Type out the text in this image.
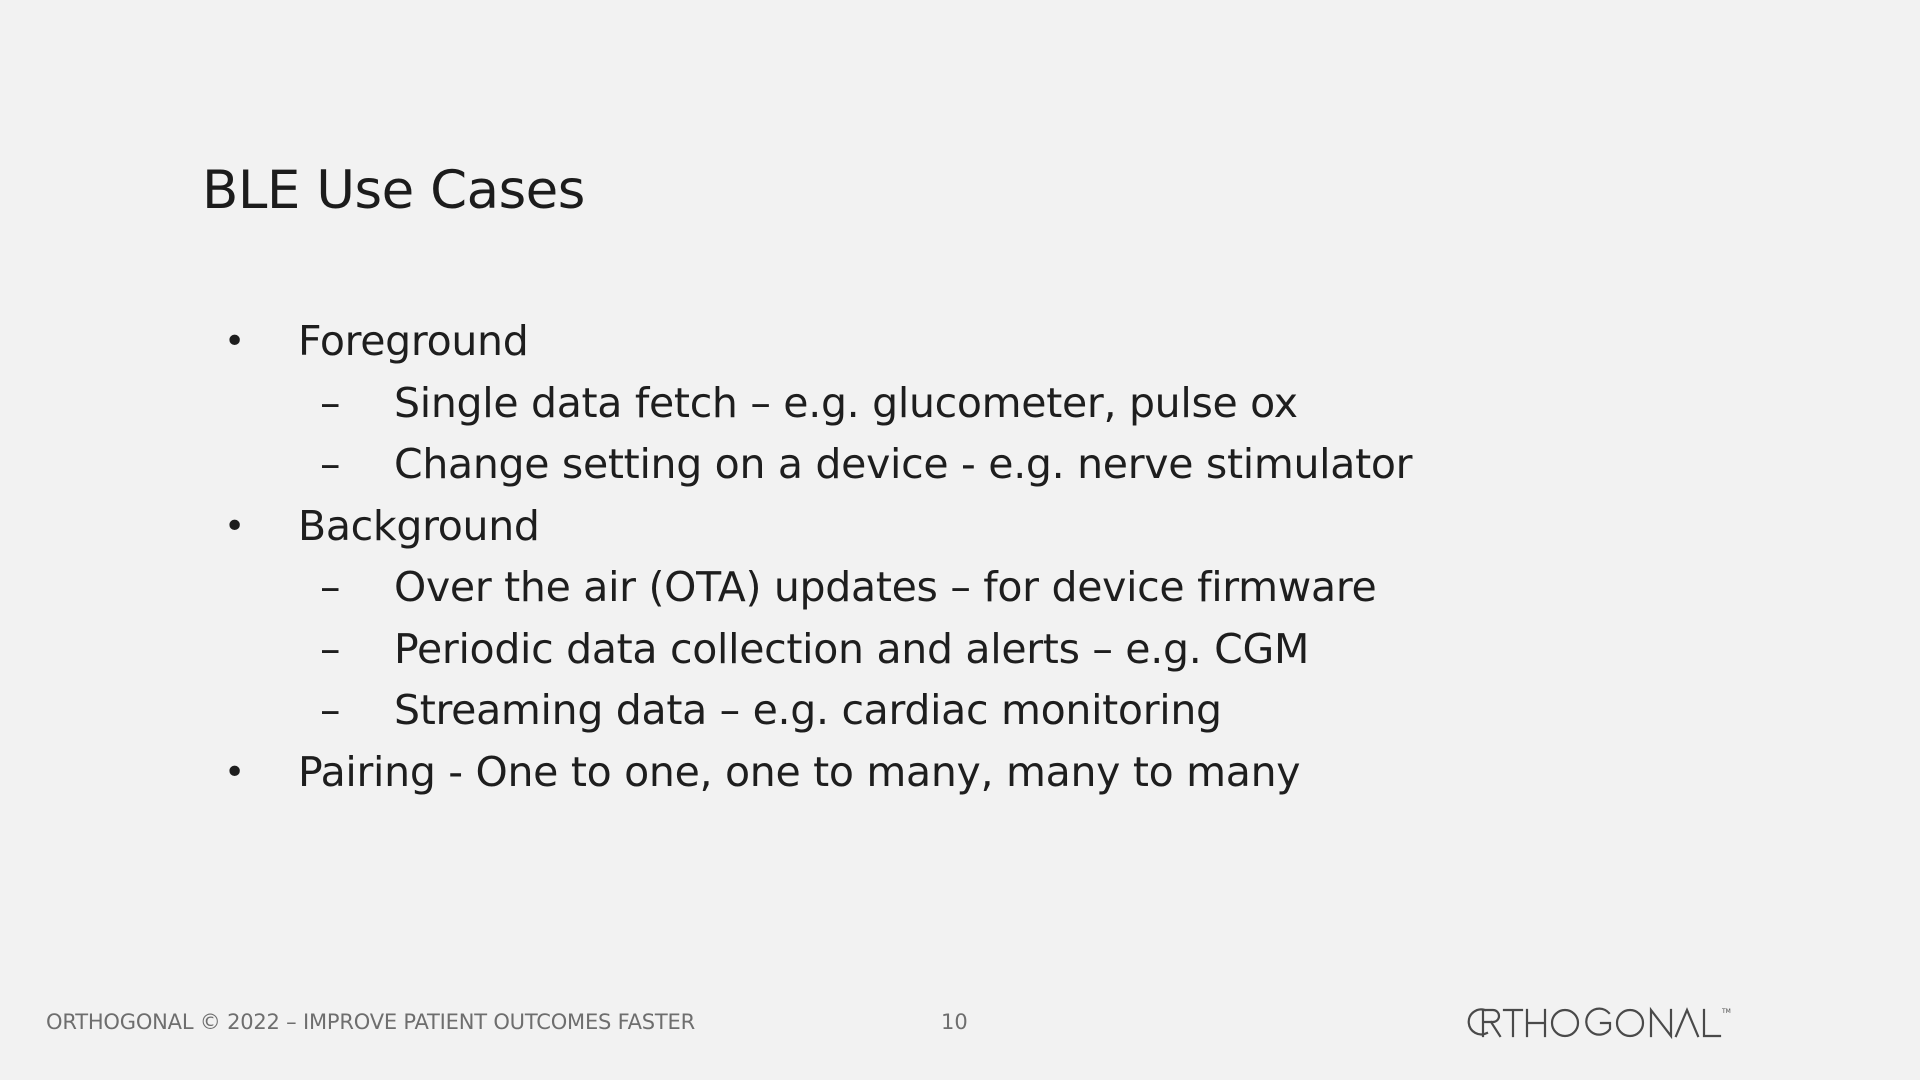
BLE Use Cases
• Foreground
– Single data fetch – e.g. glucometer, pulse ox
– Change setting on a device - e.g. nerve stimulator
• Background
– Over the air (OTA) updates – for device firmware
– Periodic data collection and alerts – e.g. CGM
– Streaming data – e.g. cardiac monitoring
• Pairing - One to one, one to many, many to many
ORTHOGONAL © 2022 – IMPROVE PATIENT OUTCOMES FASTER	10	TM
